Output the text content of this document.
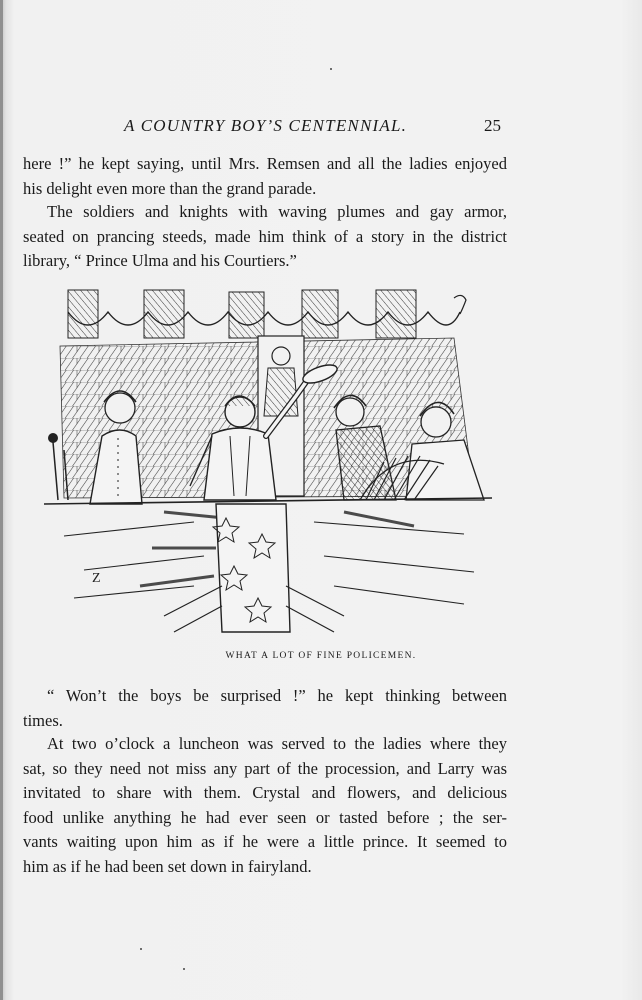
A COUNTRY BOY’S CENTENNIAL.	25
here !” he kept saying, until Mrs. Remsen and all the ladies enjoyed
his delight even more than the grand parade.
The soldiers and knights with waving plumes and gay armor,
seated on prancing steeds, made him think of a story in the district
library, “ Prince Ulma and his Courtiers.”
Z
WHAT A LOT OF FINE POLICEMEN.
“ Won’t the boys be surprised !” he kept thinking between
times.
At two o’clock a luncheon was served to the ladies where they
sat, so they need not miss any part of the procession, and Larry was
invitated to share with them. Crystal and flowers, and delicious
food unlike anything he had ever seen or tasted before ; the ser-
vants waiting upon him as if he were a little prince. It seemed to
him as if he had been set down in fairyland.
